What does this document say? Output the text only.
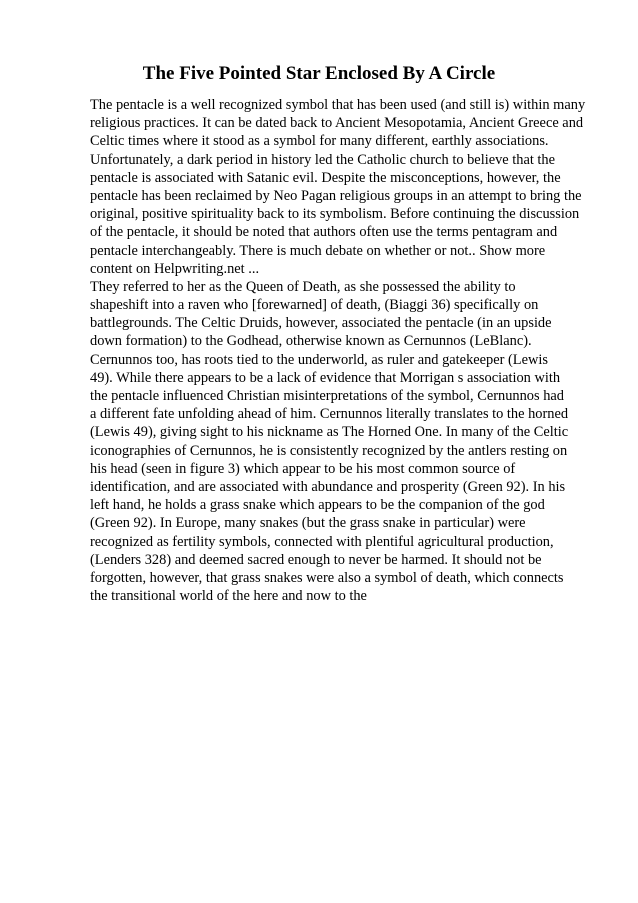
The Five Pointed Star Enclosed By A Circle
The pentacle is a well recognized symbol that has been used (and still is) within many
religious practices. It can be dated back to Ancient Mesopotamia, Ancient Greece and
Celtic times where it stood as a symbol for many different, earthly associations.
Unfortunately, a dark period in history led the Catholic church to believe that the
pentacle is associated with Satanic evil. Despite the misconceptions, however, the
pentacle has been reclaimed by Neo Pagan religious groups in an attempt to bring the
original, positive spirituality back to its symbolism. Before continuing the discussion
of the pentacle, it should be noted that authors often use the terms pentagram and
pentacle interchangeably. There is much debate on whether or not.. Show more
content on Helpwriting.net ...
They referred to her as the Queen of Death, as she possessed the ability to
shapeshift into a raven who [forewarned] of death, (Biaggi 36) specifically on
battlegrounds. The Celtic Druids, however, associated the pentacle (in an upside
down formation) to the Godhead, otherwise known as Cernunnos (LeBlanc).
Cernunnos too, has roots tied to the underworld, as ruler and gatekeeper (Lewis
49). While there appears to be a lack of evidence that Morrigan s association with
the pentacle influenced Christian misinterpretations of the symbol, Cernunnos had
a different fate unfolding ahead of him. Cernunnos literally translates to the horned
(Lewis 49), giving sight to his nickname as The Horned One. In many of the Celtic
iconographies of Cernunnos, he is consistently recognized by the antlers resting on
his head (seen in figure 3) which appear to be his most common source of
identification, and are associated with abundance and prosperity (Green 92). In his
left hand, he holds a grass snake which appears to be the companion of the god
(Green 92). In Europe, many snakes (but the grass snake in particular) were
recognized as fertility symbols, connected with plentiful agricultural production,
(Lenders 328) and deemed sacred enough to never be harmed. It should not be
forgotten, however, that grass snakes were also a symbol of death, which connects
the transitional world of the here and now to the
